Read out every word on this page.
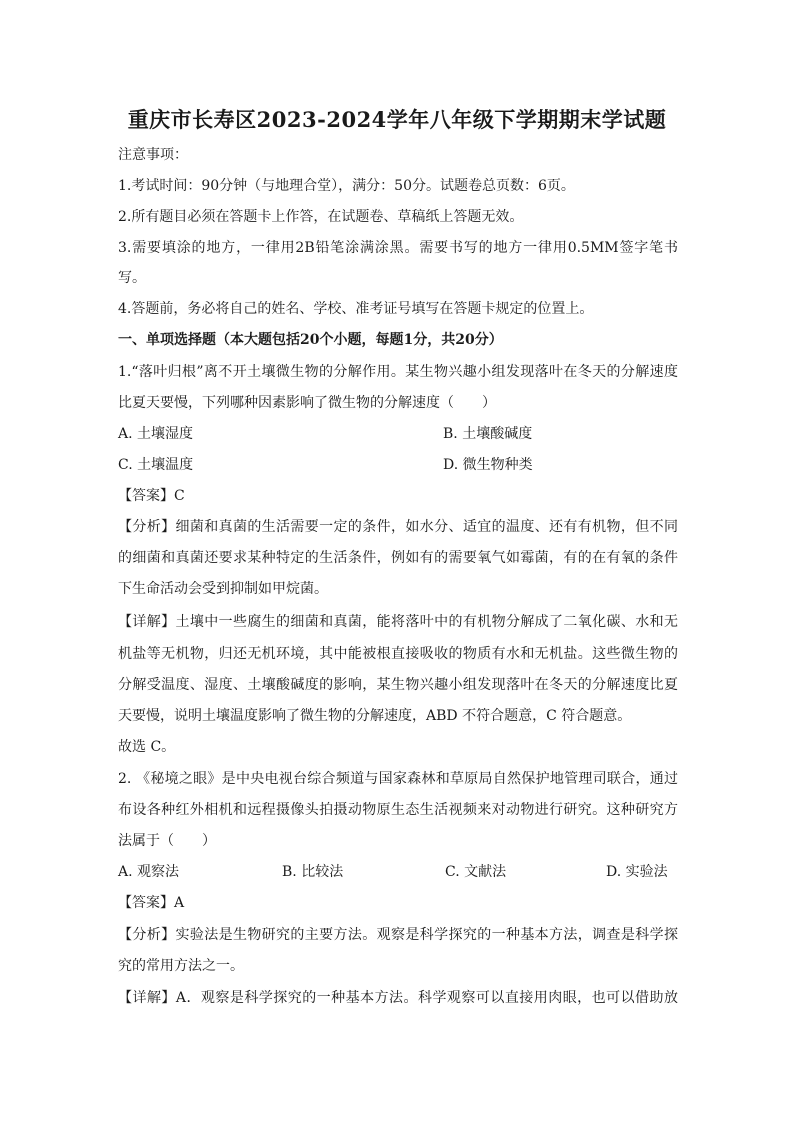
重庆市长寿区2023-2024学年八年级下学期期末学试题
注意事项：
1.考试时间：90分钟（与地理合堂），满分：50分。试题卷总页数：6页。
2.所有题目必须在答题卡上作答，在试题卷、草稿纸上答题无效。
3.需要填涂的地方，一律用2B铅笔涂满涂黑。需要书写的地方一律用0.5MM签字笔书
写。
4.答题前，务必将自己的姓名、学校、准考证号填写在答题卡规定的位置上。
一、单项选择题（本大题包括20个小题，每题1分，共20分）
1.“落叶归根”离不开土壤微生物的分解作用。某生物兴趣小组发现落叶在冬天的分解速度
比夏天要慢，下列哪种因素影响了微生物的分解速度（　　）
A. 土壤湿度	B. 土壤酸碱度
C. 土壤温度	D. 微生物种类
【答案】C
【分析】细菌和真菌的生活需要一定的条件，如水分、适宜的温度、还有有机物，但不同
的细菌和真菌还要求某种特定的生活条件，例如有的需要氧气如霉菌，有的在有氧的条件
下生命活动会受到抑制如甲烷菌。
【详解】土壤中一些腐生的细菌和真菌，能将落叶中的有机物分解成了二氧化碳、水和无
机盐等无机物，归还无机环境，其中能被根直接吸收的物质有水和无机盐。这些微生物的
分解受温度、湿度、土壤酸碱度的影响，某生物兴趣小组发现落叶在冬天的分解速度比夏
天要慢，说明土壤温度影响了微生物的分解速度，ABD 不符合题意，C 符合题意。
故选 C。
2. 《秘境之眼》是中央电视台综合频道与国家森林和草原局自然保护地管理司联合，通过
布设各种红外相机和远程摄像头拍摄动物原生态生活视频来对动物进行研究。这种研究方
法属于（　　）
A. 观察法	B. 比较法	C. 文献法	D. 实验法
【答案】A
【分析】实验法是生物研究的主要方法。观察是科学探究的一种基本方法，调查是科学探
究的常用方法之一。
【详解】A．观察是科学探究的一种基本方法。科学观察可以直接用肉眼，也可以借助放
